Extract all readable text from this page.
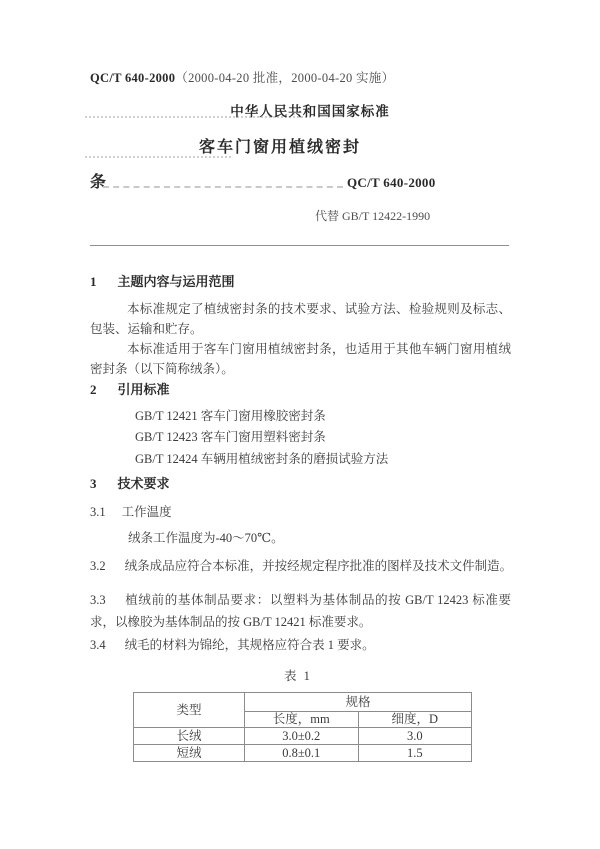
QC/T 640-2000（2000-04-20 批准，2000-04-20 实施）
中华人民共和国国家标准
客车门窗用植绒密封
条	QC/T 640-2000
代替 GB/T 12422-1990
1 主题内容与运用范围

本标准规定了植绒密封条的技术要求、试验方法、检验规则及标志、包装、运输和贮存。

本标准适用于客车门窗用植绒密封条，也适用于其他车辆门窗用植绒密封条（以下简称绒条）。

2 引用标准
GB/T 12421 客车门窗用橡胶密封条
GB/T 12423 客车门窗用塑料密封条
GB/T 12424 车辆用植绒密封条的磨损试验方法
3 技术要求
3.1 工作温度
绒条工作温度为-40～70℃。
3.2 绒条成品应符合本标准，并按经规定程序批准的图样及技术文件制造。
3.3 植绒前的基体制品要求：以塑料为基体制品的按 GB/T 12423 标准要求，以橡胶为基体制品的按 GB/T 12421 标准要求。
3.4 绒毛的材料为锦纶，其规格应符合表 1 要求。
表 1
类型	规格	
	长度，mm	细度，D
长绒	3.0±0.2	3.0
短绒	0.8±0.1	1.5
